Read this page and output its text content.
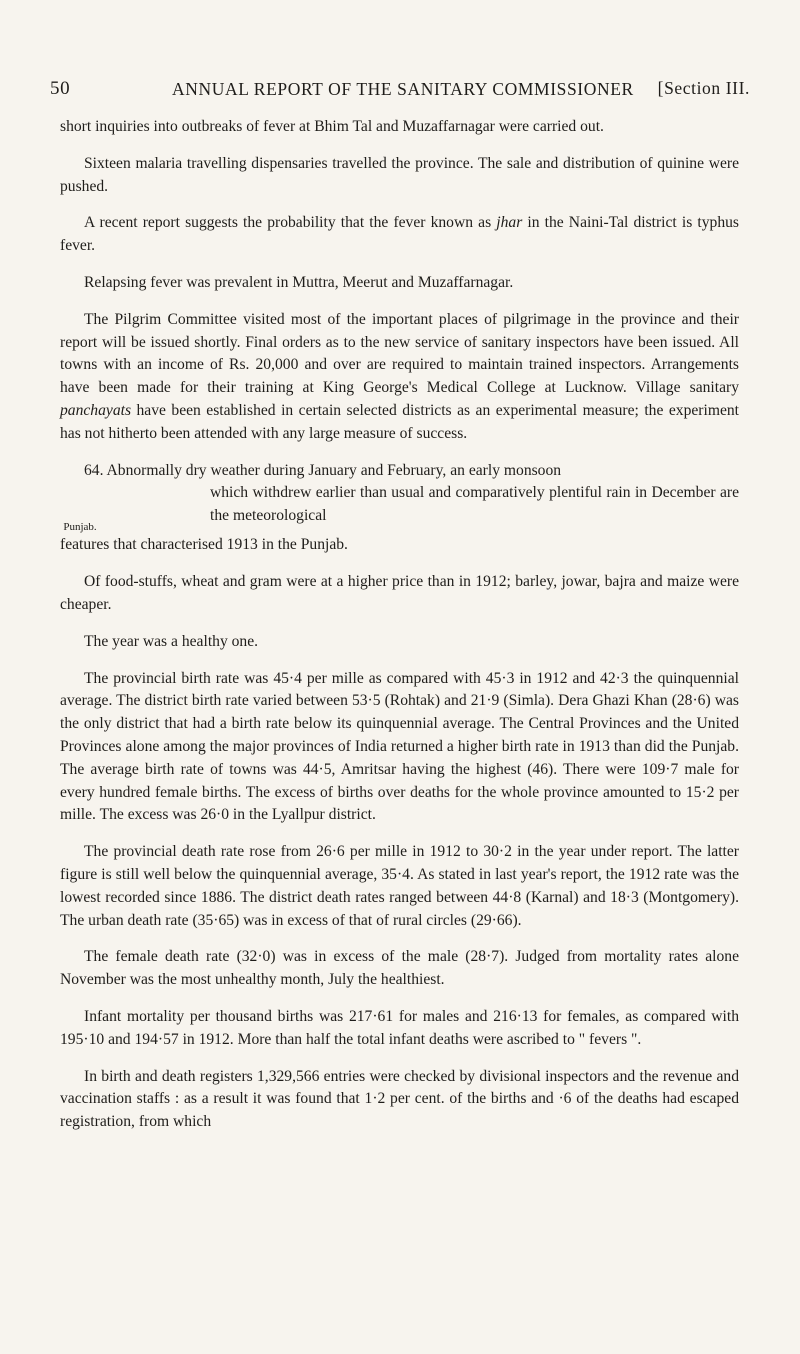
50	ANNUAL REPORT OF THE SANITARY COMMISSIONER [Section III.

short inquiries into outbreaks of fever at Bhim Tal and Muzaffarnagar were carried out.

Sixteen malaria travelling dispensaries travelled the province. The sale and distribution of quinine were pushed.

A recent report suggests the probability that the fever known as jhar in the Naini-Tal district is typhus fever.

Relapsing fever was prevalent in Muttra, Meerut and Muzaffarnagar.

The Pilgrim Committee visited most of the important places of pilgrimage in the province and their report will be issued shortly. Final orders as to the new service of sanitary inspectors have been issued. All towns with an income of Rs. 20,000 and over are required to maintain trained inspectors. Arrangements have been made for their training at King George's Medical College at Lucknow. Village sanitary panchayats have been established in certain selected districts as an experimental measure; the experiment has not hitherto been attended with any large measure of success.

64. Abnormally dry weather during January and February, an early monsoon
Punjab.
which withdrew earlier than usual and comparatively plentiful rain in December are the meteorological
features that characterised 1913 in the Punjab.

Of food-stuffs, wheat and gram were at a higher price than in 1912; barley, jowar, bajra and maize were cheaper.

The year was a healthy one.

The provincial birth rate was 45·4 per mille as compared with 45·3 in 1912 and 42·3 the quinquennial average. The district birth rate varied between 53·5 (Rohtak) and 21·9 (Simla). Dera Ghazi Khan (28·6) was the only district that had a birth rate below its quinquennial average. The Central Provinces and the United Provinces alone among the major provinces of India returned a higher birth rate in 1913 than did the Punjab. The average birth rate of towns was 44·5, Amritsar having the highest (46). There were 109·7 male for every hundred female births. The excess of births over deaths for the whole province amounted to 15·2 per mille. The excess was 26·0 in the Lyallpur district.

The provincial death rate rose from 26·6 per mille in 1912 to 30·2 in the year under report. The latter figure is still well below the quinquennial average, 35·4. As stated in last year's report, the 1912 rate was the lowest recorded since 1886. The district death rates ranged between 44·8 (Karnal) and 18·3 (Montgomery). The urban death rate (35·65) was in excess of that of rural circles (29·66).

The female death rate (32·0) was in excess of the male (28·7). Judged from mortality rates alone November was the most unhealthy month, July the healthiest.

Infant mortality per thousand births was 217·61 for males and 216·13 for females, as compared with 195·10 and 194·57 in 1912. More than half the total infant deaths were ascribed to " fevers ".

In birth and death registers 1,329,566 entries were checked by divisional inspectors and the revenue and vaccination staffs : as a result it was found that 1·2 per cent. of the births and ·6 of the deaths had escaped registration, from which
